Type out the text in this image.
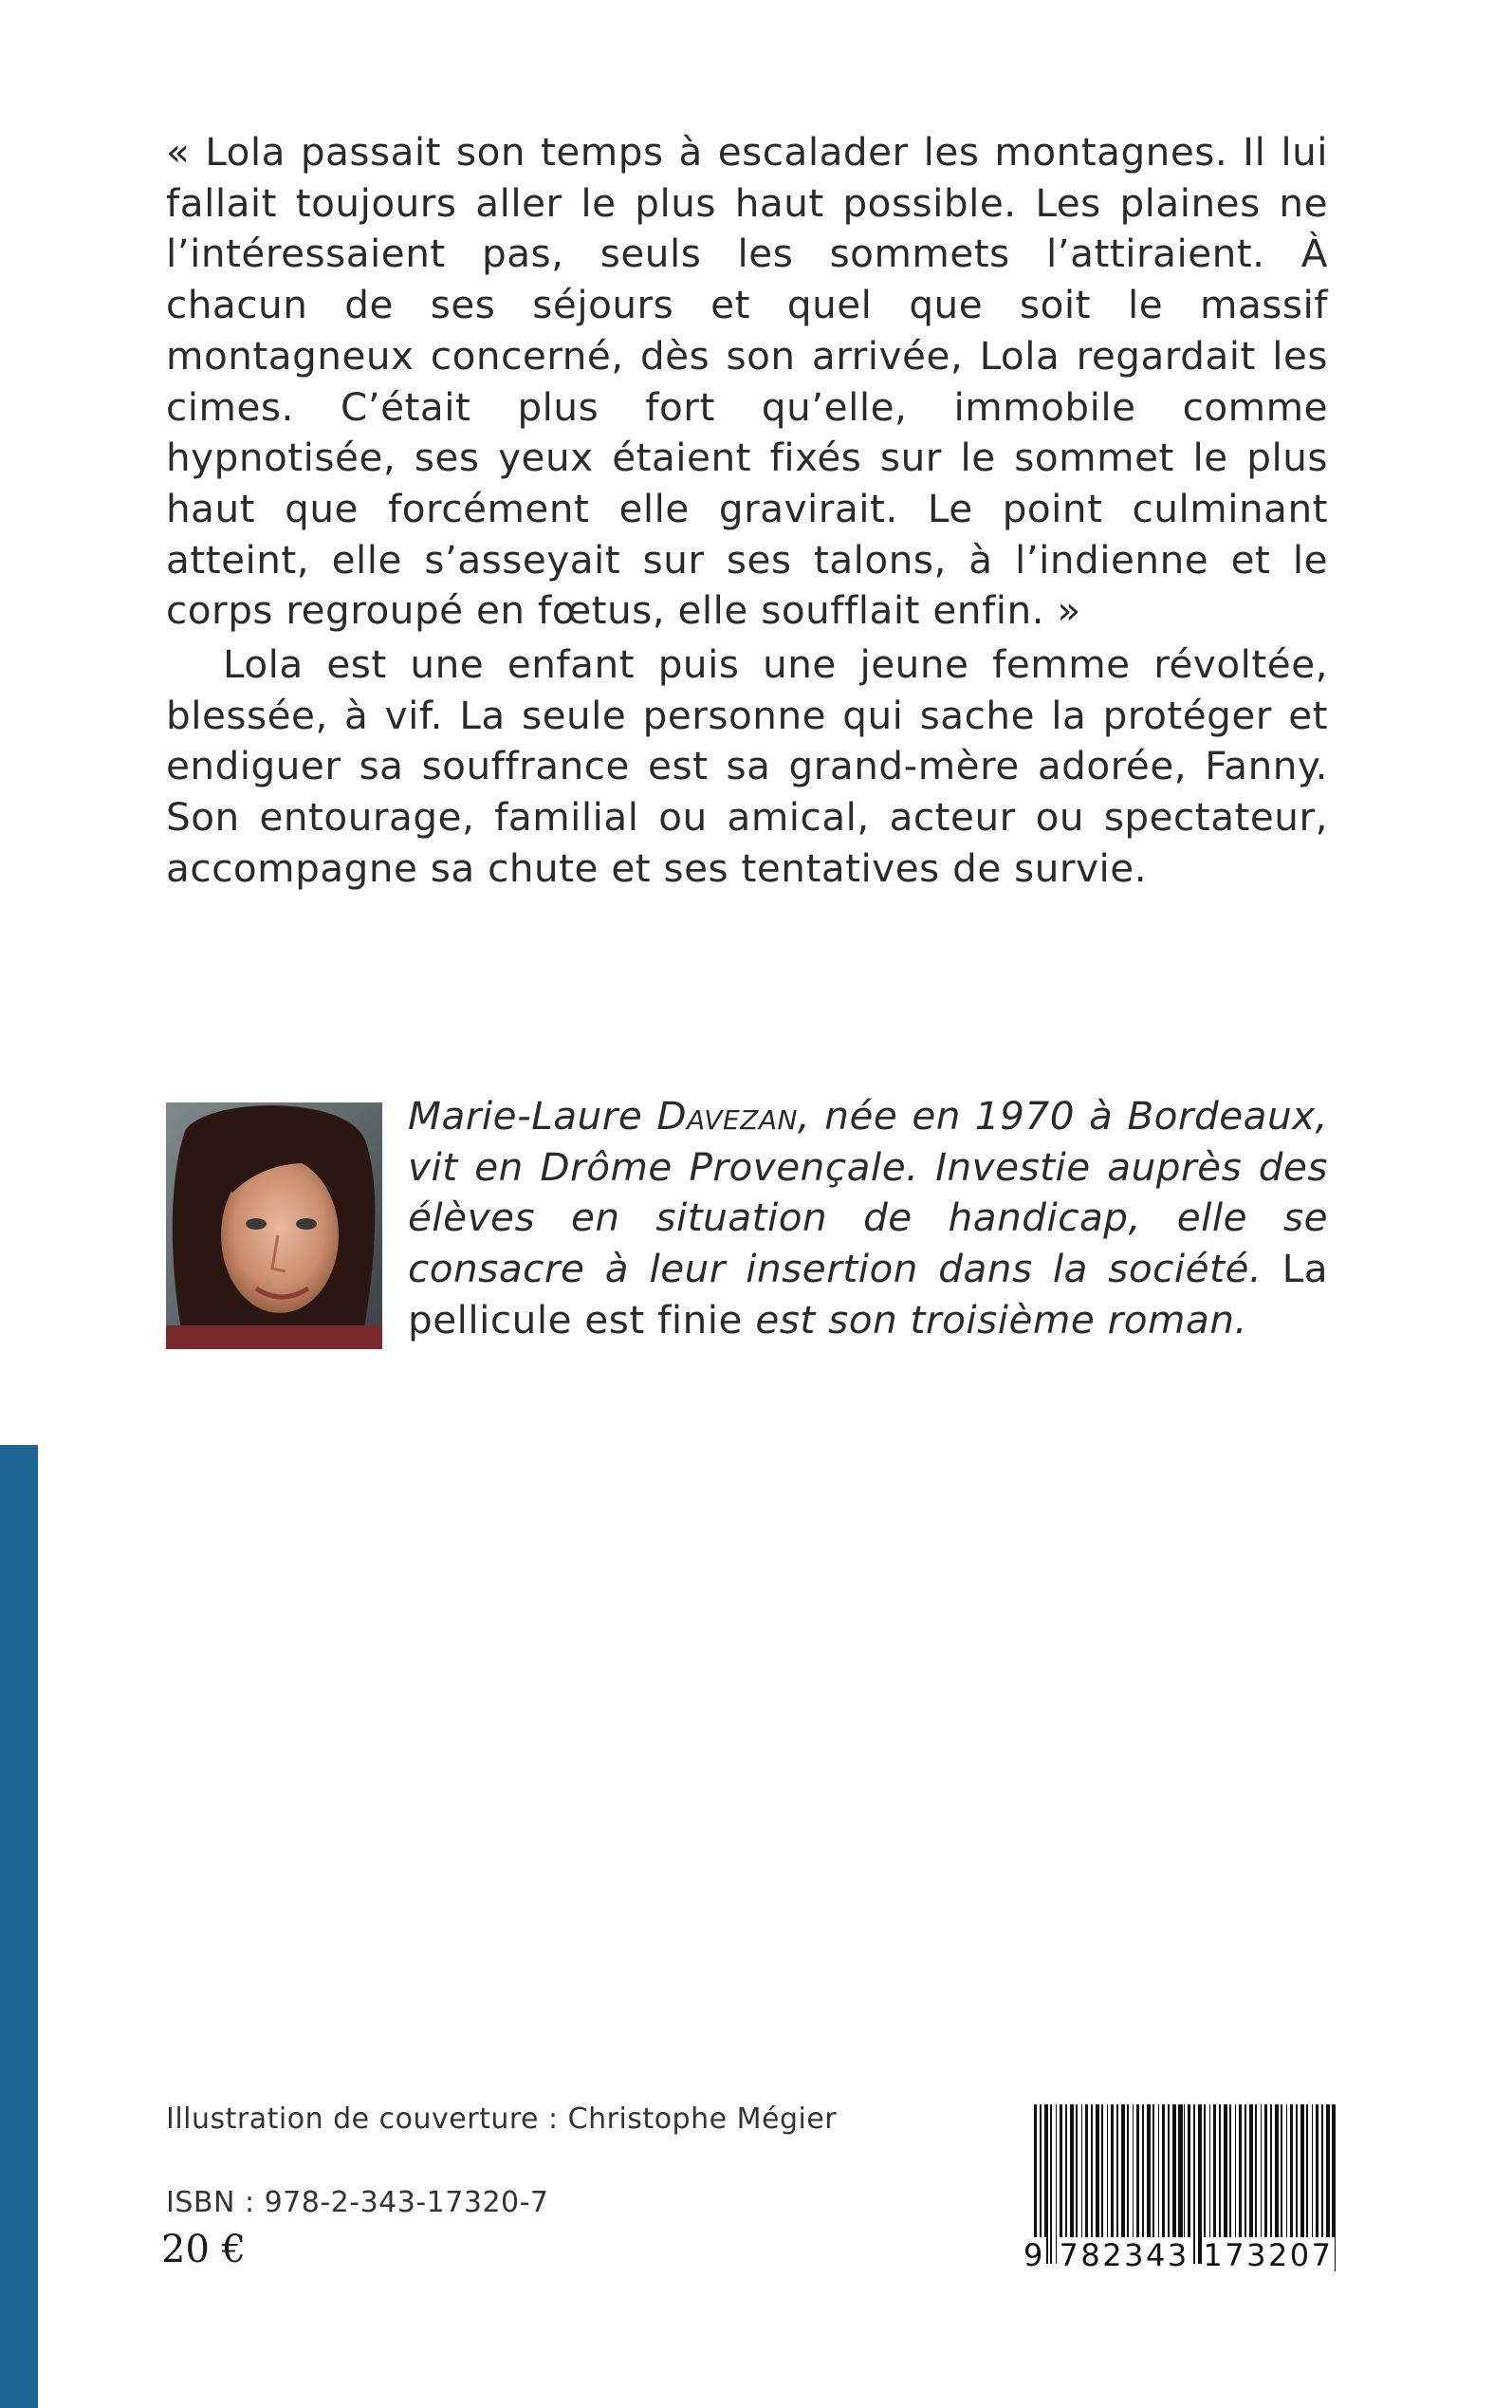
« Lola passait son temps à escalader les montagnes. Il lui fallait toujours aller le plus haut possible. Les plaines ne l’intéressaient pas, seuls les sommets l’attiraient. À chacun de ses séjours et quel que soit le massif montagneux concerné, dès son arrivée, Lola regardait les cimes. C’était plus fort qu’elle, immobile comme hypnotisée, ses yeux étaient fixés sur le sommet le plus haut que forcément elle gravirait. Le point culminant atteint, elle s’asseyait sur ses talons, à l’indienne et le corps regroupé en fœtus, elle soufflait enfin. »

Lola est une enfant puis une jeune femme révoltée, blessée, à vif. La seule personne qui sache la protéger et endiguer sa souffrance est sa grand-mère adorée, Fanny. Son entourage, familial ou amical, acteur ou spectateur, accompagne sa chute et ses tentatives de survie.

Marie-Laure Davezan, née en 1970 à Bordeaux, vit en Drôme Provençale. Investie auprès des élèves en situation de handicap, elle se consacre à leur insertion dans la société. La pellicule est finie est son troisième roman.

Illustration de couverture : Christophe Mégier

ISBN : 978-2-343-17320-7

20 €	9 782343 173207
